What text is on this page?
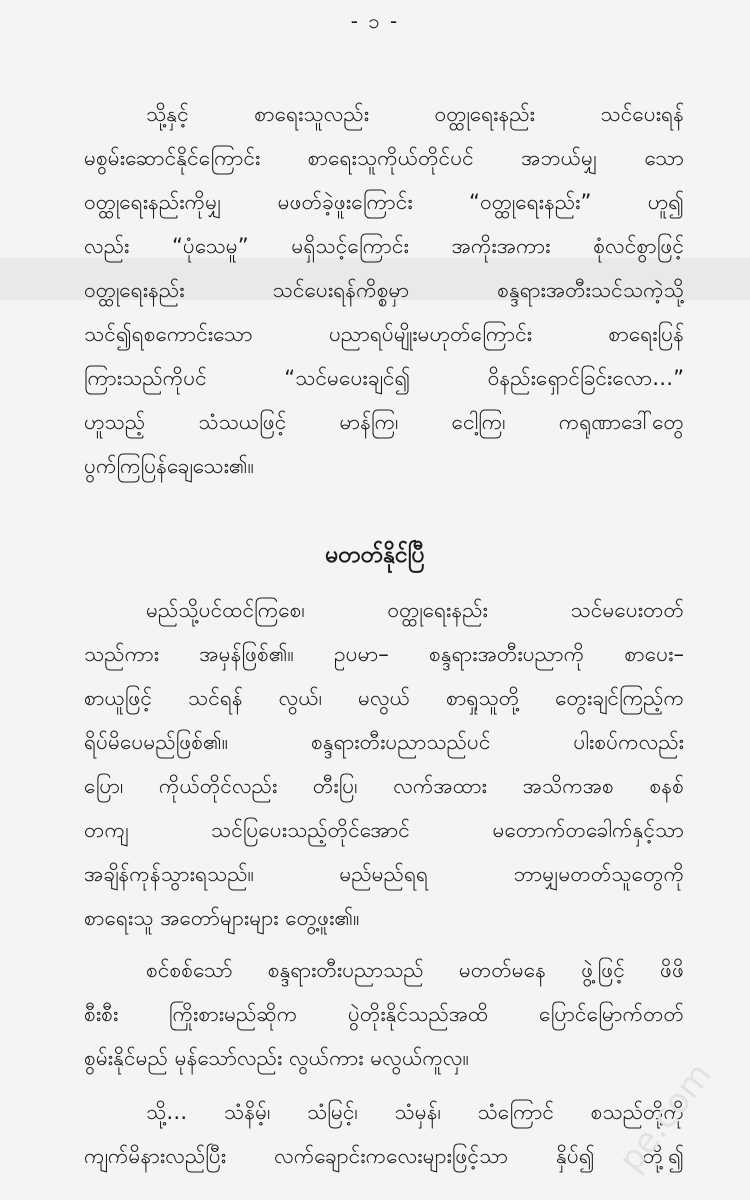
- ၁ -
သို့နှင့် စာရေးသူလည်း ဝတ္ထုရေးနည်း သင်ပေးရန်
မစွမ်းဆောင်နိုင်ကြောင်း စာရေးသူကိုယ်တိုင်ပင် အဘယ်မျှ သော
ဝတ္ထုရေးနည်းကိုမျှ မဖတ်ခဲ့ဖူးကြောင်း “ဝတ္ထုရေးနည်း” ဟူ၍
လည်း “ပုံသေမူ” မရှိသင့်ကြောင်း အကိုးအကား စုံလင်စွာဖြင့်
ဝတ္ထုရေးနည်း သင်ပေးရန်ကိစ္စမှာ စန္ဒရားအတီးသင်သကဲ့သို့
သင်၍ရစကောင်းသော ပညာရပ်မျိုးမဟုတ်ကြောင်း စာရေးပြန်
ကြားသည်ကိုပင် “သင်မပေးချင်၍ ဝိနည်းရှောင်ခြင်းလော…”
ဟူသည့် သံသယဖြင့် မာန်ကြ၊ ငေါ့ကြ၊ ကရုဏာဒေါ်တွေ
ပွက်ကြပြန်ချေသေး၏။
မတတ်နိုင်ပြီ
မည်သို့ပင်ထင်ကြစေ၊ ဝတ္ထုရေးနည်း သင်မပေးတတ်
သည်ကား အမှန်ဖြစ်၏။ ဥပမာ– စန္ဒရားအတီးပညာကို စာပေး–
စာယူဖြင့် သင်ရန် လွယ်၊ မလွယ် စာရှုသူတို့ တွေးချင်ကြည့်က
ရိပ်မိပေမည်ဖြစ်၏။ စန္ဒရားတီးပညာသည်ပင် ပါးစပ်ကလည်း
ပြော၊ ကိုယ်တိုင်လည်း တီးပြ၊ လက်အထား အသိကအစ စနစ်
တကျ သင်ပြပေးသည့်တိုင်အောင် မတောက်တခေါက်နှင့်သာ
အချိန်ကုန်သွားရသည်။ မည်မည်ရရ ဘာမျှမတတ်သူတွေကို
စာရေးသူ အတော်များများ တွေ့ဖူး၏။
စင်စစ်သော် စန္ဒရားတီးပညာသည် မတတ်မနေ ဖွဲ့ဖြင့် ဖိဖိ
စီးစီး ကြိုးစားမည်ဆိုက ပွဲတိုးနိုင်သည်အထိ ပြောင်မြောက်တတ်
စွမ်းနိုင်မည် မုန်သော်လည်း လွယ်ကား မလွယ်ကူလှ။
သို့… သံနိမ့်၊ သံမြင့်၊ သံမှန်၊ သံကြောင် စသည်တို့ကို
ကျက်မိနားလည်ပြီး လက်ချောင်းကလေးများဖြင့်သာ နှိပ်၍ တို့၍
pe.com
